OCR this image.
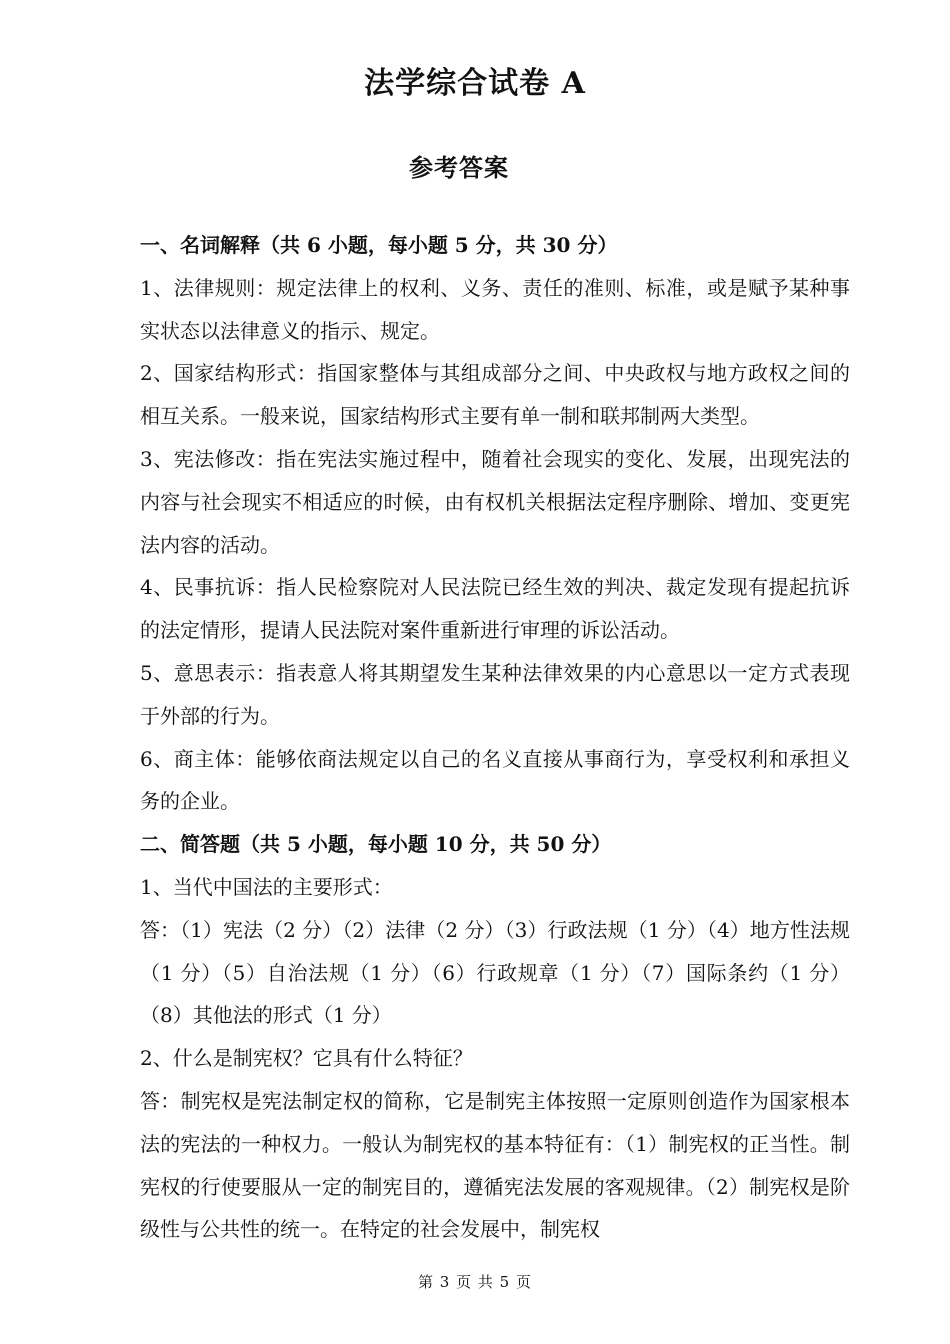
法学综合试卷 A
参考答案

一、名词解释（共 6 小题，每小题 5 分，共 30 分）

1、法律规则：规定法律上的权利、义务、责任的准则、标准，或是赋予某种事实状态以法律意义的指示、规定。

2、国家结构形式：指国家整体与其组成部分之间、中央政权与地方政权之间的相互关系。一般来说，国家结构形式主要有单一制和联邦制两大类型。

3、宪法修改：指在宪法实施过程中，随着社会现实的变化、发展，出现宪法的内容与社会现实不相适应的时候，由有权机关根据法定程序删除、增加、变更宪法内容的活动。

4、民事抗诉：指人民检察院对人民法院已经生效的判决、裁定发现有提起抗诉的法定情形，提请人民法院对案件重新进行审理的诉讼活动。

5、意思表示：指表意人将其期望发生某种法律效果的内心意思以一定方式表现于外部的行为。

6、商主体：能够依商法规定以自己的名义直接从事商行为，享受权利和承担义务的企业。

二、简答题（共 5 小题，每小题 10 分，共 50 分）

1、当代中国法的主要形式：

答：（1）宪法（2 分）（2）法律（2 分）（3）行政法规（1 分）（4）地方性法规（1 分）（5）自治法规（1 分）（6）行政规章（1 分）（7）国际条约（1 分）（8）其他法的形式（1 分）

2、什么是制宪权？它具有什么特征？

答：制宪权是宪法制定权的简称，它是制宪主体按照一定原则创造作为国家根本法的宪法的一种权力。一般认为制宪权的基本特征有：（1）制宪权的正当性。制宪权的行使要服从一定的制宪目的，遵循宪法发展的客观规律。（2）制宪权是阶级性与公共性的统一。在特定的社会发展中，制宪权

第 3 页 共 5 页
